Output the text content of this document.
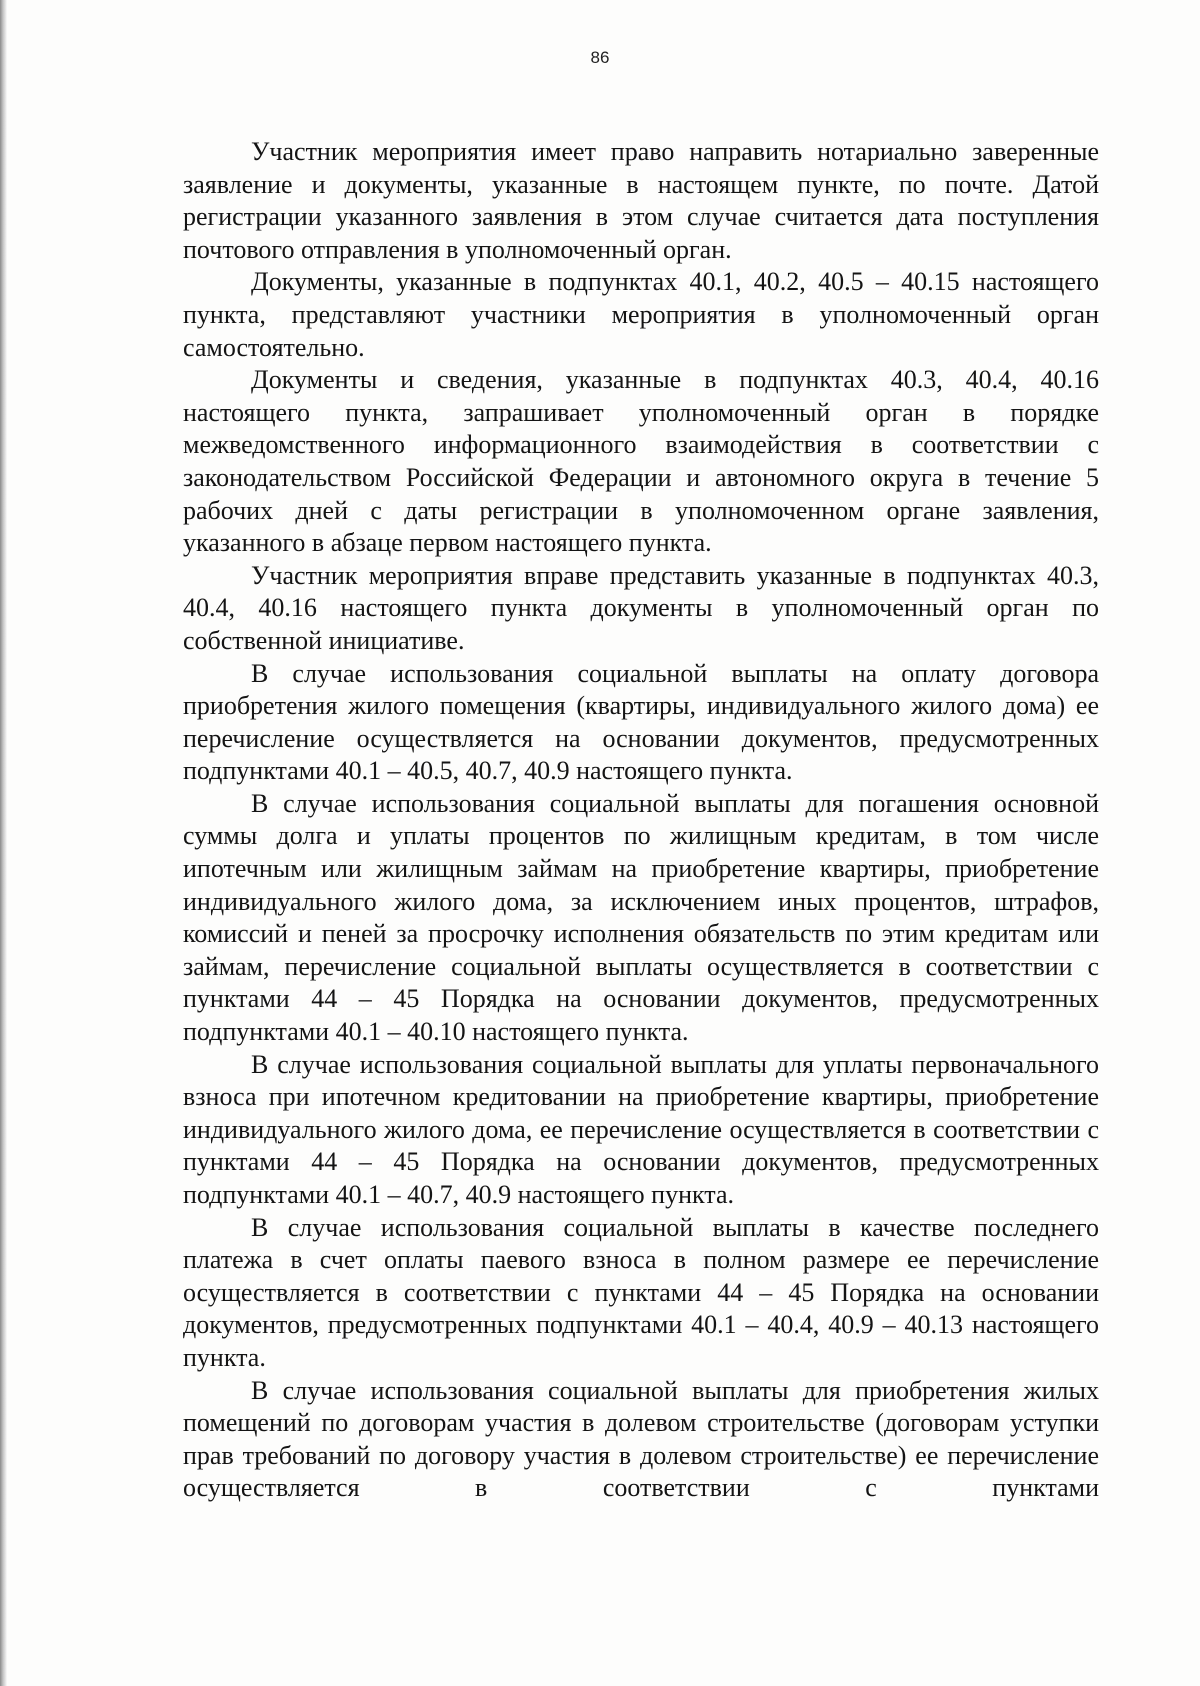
86

Участник мероприятия имеет право направить нотариально заверенные заявление и документы, указанные в настоящем пункте, по почте. Датой регистрации указанного заявления в этом случае считается дата поступления почтового отправления в уполномоченный орган.

Документы, указанные в подпунктах 40.1, 40.2, 40.5 – 40.15 настоящего пункта, представляют участники мероприятия в уполномоченный орган самостоятельно.

Документы и сведения, указанные в подпунктах 40.3, 40.4, 40.16 настоящего пункта, запрашивает уполномоченный орган в порядке межведомственного информационного взаимодействия в соответствии с законодательством Российской Федерации и автономного округа в течение 5 рабочих дней с даты регистрации в уполномоченном органе заявления, указанного в абзаце первом настоящего пункта.

Участник мероприятия вправе представить указанные в подпунктах 40.3, 40.4, 40.16 настоящего пункта документы в уполномоченный орган по собственной инициативе.

В случае использования социальной выплаты на оплату договора приобретения жилого помещения (квартиры, индивидуального жилого дома) ее перечисление осуществляется на основании документов, предусмотренных подпунктами 40.1 – 40.5, 40.7, 40.9 настоящего пункта.

В случае использования социальной выплаты для погашения основной суммы долга и уплаты процентов по жилищным кредитам, в том числе ипотечным или жилищным займам на приобретение квартиры, приобретение индивидуального жилого дома, за исключением иных процентов, штрафов, комиссий и пеней за просрочку исполнения обязательств по этим кредитам или займам, перечисление социальной выплаты осуществляется в соответствии с пунктами 44 – 45 Порядка на основании документов, предусмотренных подпунктами 40.1 – 40.10 настоящего пункта.

В случае использования социальной выплаты для уплаты первоначального взноса при ипотечном кредитовании на приобретение квартиры, приобретение индивидуального жилого дома, ее перечисление осуществляется в соответствии с пунктами 44 – 45 Порядка на основании документов, предусмотренных подпунктами 40.1 – 40.7, 40.9 настоящего пункта.

В случае использования социальной выплаты в качестве последнего платежа в счет оплаты паевого взноса в полном размере ее перечисление осуществляется в соответствии с пунктами 44 – 45 Порядка на основании документов, предусмотренных подпунктами 40.1 – 40.4, 40.9 – 40.13 настоящего пункта.

В случае использования социальной выплаты для приобретения жилых помещений по договорам участия в долевом строительстве (договорам уступки прав требований по договору участия в долевом строительстве) ее перечисление осуществляется в соответствии с пунктами
